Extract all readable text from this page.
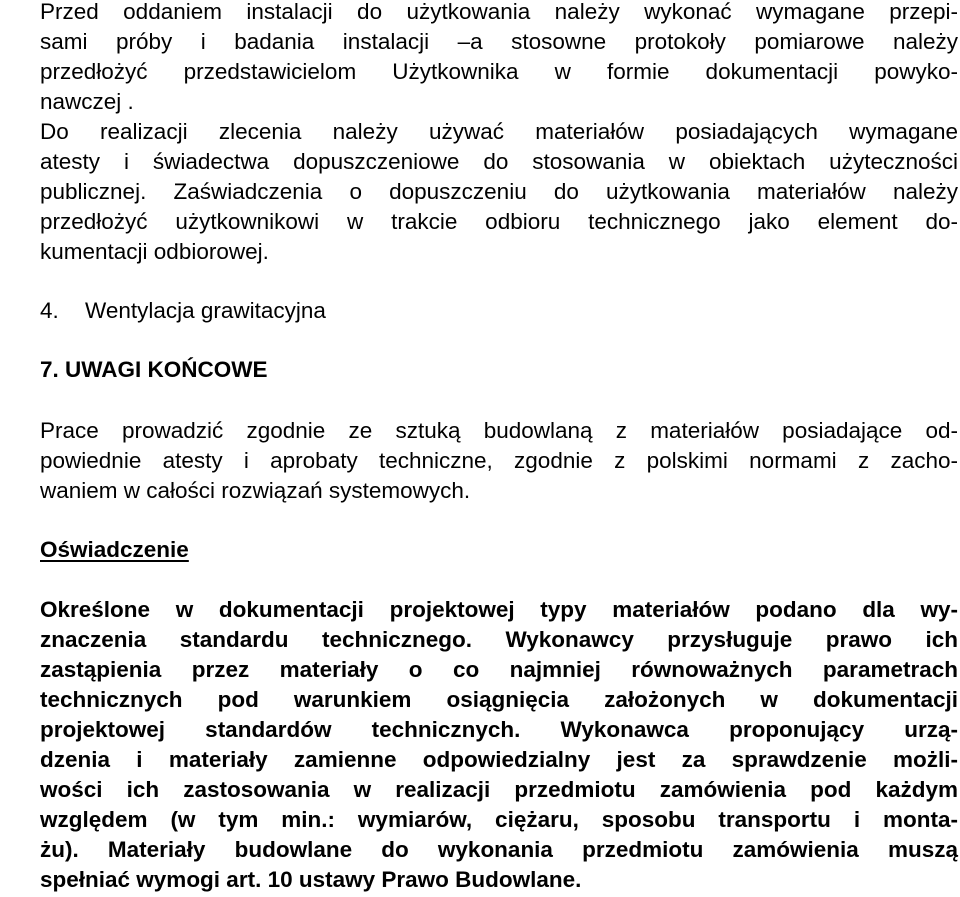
Przed oddaniem instalacji do użytkowania należy wykonać wymagane przepi-
sami próby i badania instalacji –a stosowne protokoły pomiarowe należy
przedłożyć przedstawicielom Użytkownika w formie dokumentacji powyko-
nawczej .
Do realizacji zlecenia należy używać materiałów posiadających wymagane
atesty i świadectwa dopuszczeniowe do stosowania w obiektach użyteczności
publicznej. Zaświadczenia o dopuszczeniu do użytkowania materiałów należy
przedłożyć użytkownikowi w trakcie odbioru technicznego jako element do-
kumentacji odbiorowej.
4. Wentylacja grawitacyjna
7. UWAGI KOŃCOWE
Prace prowadzić zgodnie ze sztuką budowlaną z materiałów posiadające od-
powiednie atesty i aprobaty techniczne, zgodnie z polskimi normami z zacho-
waniem w całości rozwiązań systemowych.
Oświadczenie
Określone w dokumentacji projektowej typy materiałów podano dla wy-
znaczenia standardu technicznego. Wykonawcy przysługuje prawo ich
zastąpienia przez materiały o co najmniej równoważnych parametrach
technicznych pod warunkiem osiągnięcia założonych w dokumentacji
projektowej standardów technicznych. Wykonawca proponujący urzą-
dzenia i materiały zamienne odpowiedzialny jest za sprawdzenie możli-
wości ich zastosowania w realizacji przedmiotu zamówienia pod każdym
względem (w tym min.: wymiarów, ciężaru, sposobu transportu i monta-
żu). Materiały budowlane do wykonania przedmiotu zamówienia muszą
spełniać wymogi art. 10 ustawy Prawo Budowlane.
